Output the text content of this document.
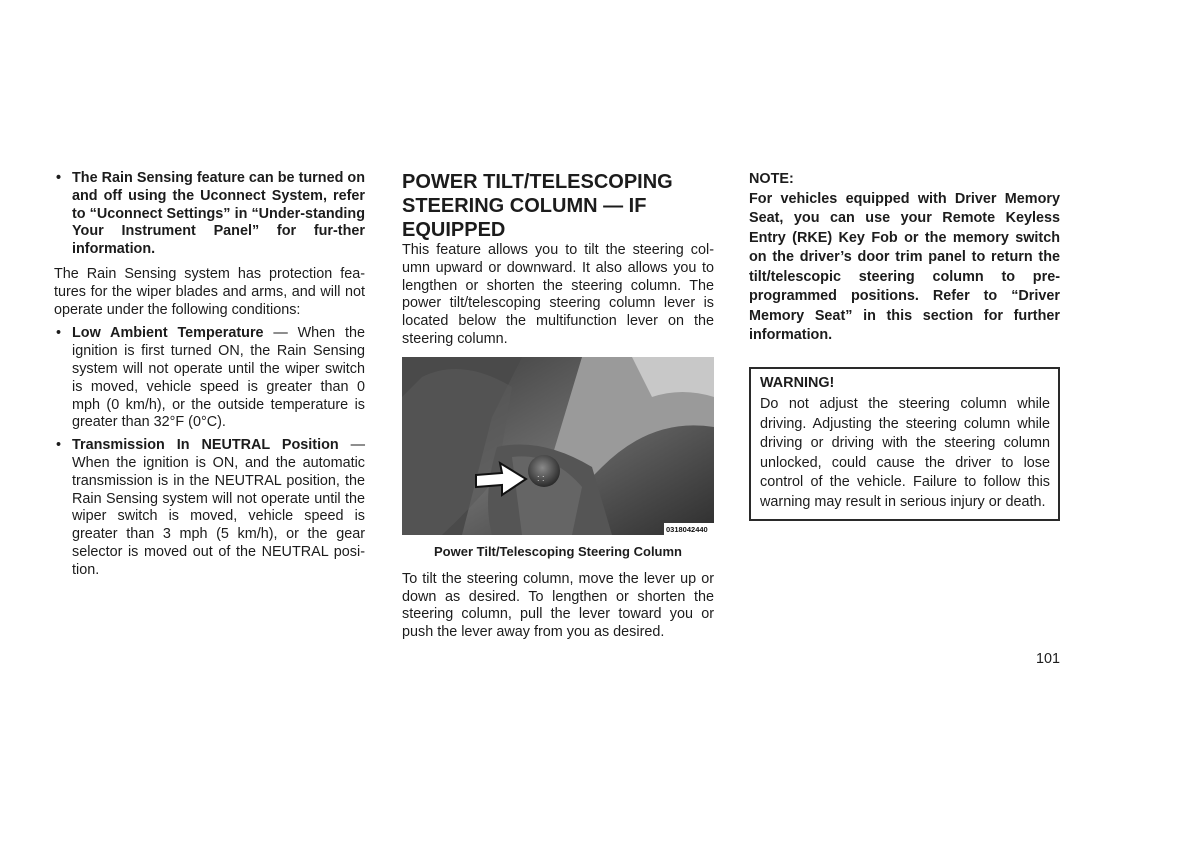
• The Rain Sensing feature can be turned on and off using the Uconnect System, refer to “Uconnect Settings” in “Under-standing Your Instrument Panel” for fur-ther information.

The Rain Sensing system has protection fea-tures for the wiper blades and arms, and will not operate under the following conditions:

• Low Ambient Temperature — When the ignition is first turned ON, the Rain Sensing system will not operate until the wiper switch is moved, vehicle speed is greater than 0 mph (0 km/h), or the outside temperature is greater than 32°F (0°C).
• Transmission In NEUTRAL Position — When the ignition is ON, and the automatic transmission is in the NEUTRAL position, the Rain Sensing system will not operate until the wiper switch is moved, vehicle speed is greater than 3 mph (5 km/h), or the gear selector is moved out of the NEUTRAL posi-tion.
POWER TILT/TELESCOPING STEERING COLUMN — IF EQUIPPED

This feature allows you to tilt the steering col-umn upward or downward. It also allows you to lengthen or shorten the steering column. The power tilt/telescoping steering column lever is located below the multifunction lever on the steering column.

: :
0318042440
Power Tilt/Telescoping Steering Column

To tilt the steering column, move the lever up or down as desired. To lengthen or shorten the steering column, pull the lever toward you or push the lever away from you as desired.

NOTE:
For vehicles equipped with Driver Memory Seat, you can use your Remote Keyless Entry (RKE) Key Fob or the memory switch on the driver’s door trim panel to return the tilt/telescopic steering column to pre-programmed positions. Refer to “Driver Memory Seat” in this section for further information.
WARNING!
Do not adjust the steering column while driving. Adjusting the steering column while driving or driving with the steering column unlocked, could cause the driver to lose control of the vehicle. Failure to follow this warning may result in serious injury or death.
101
